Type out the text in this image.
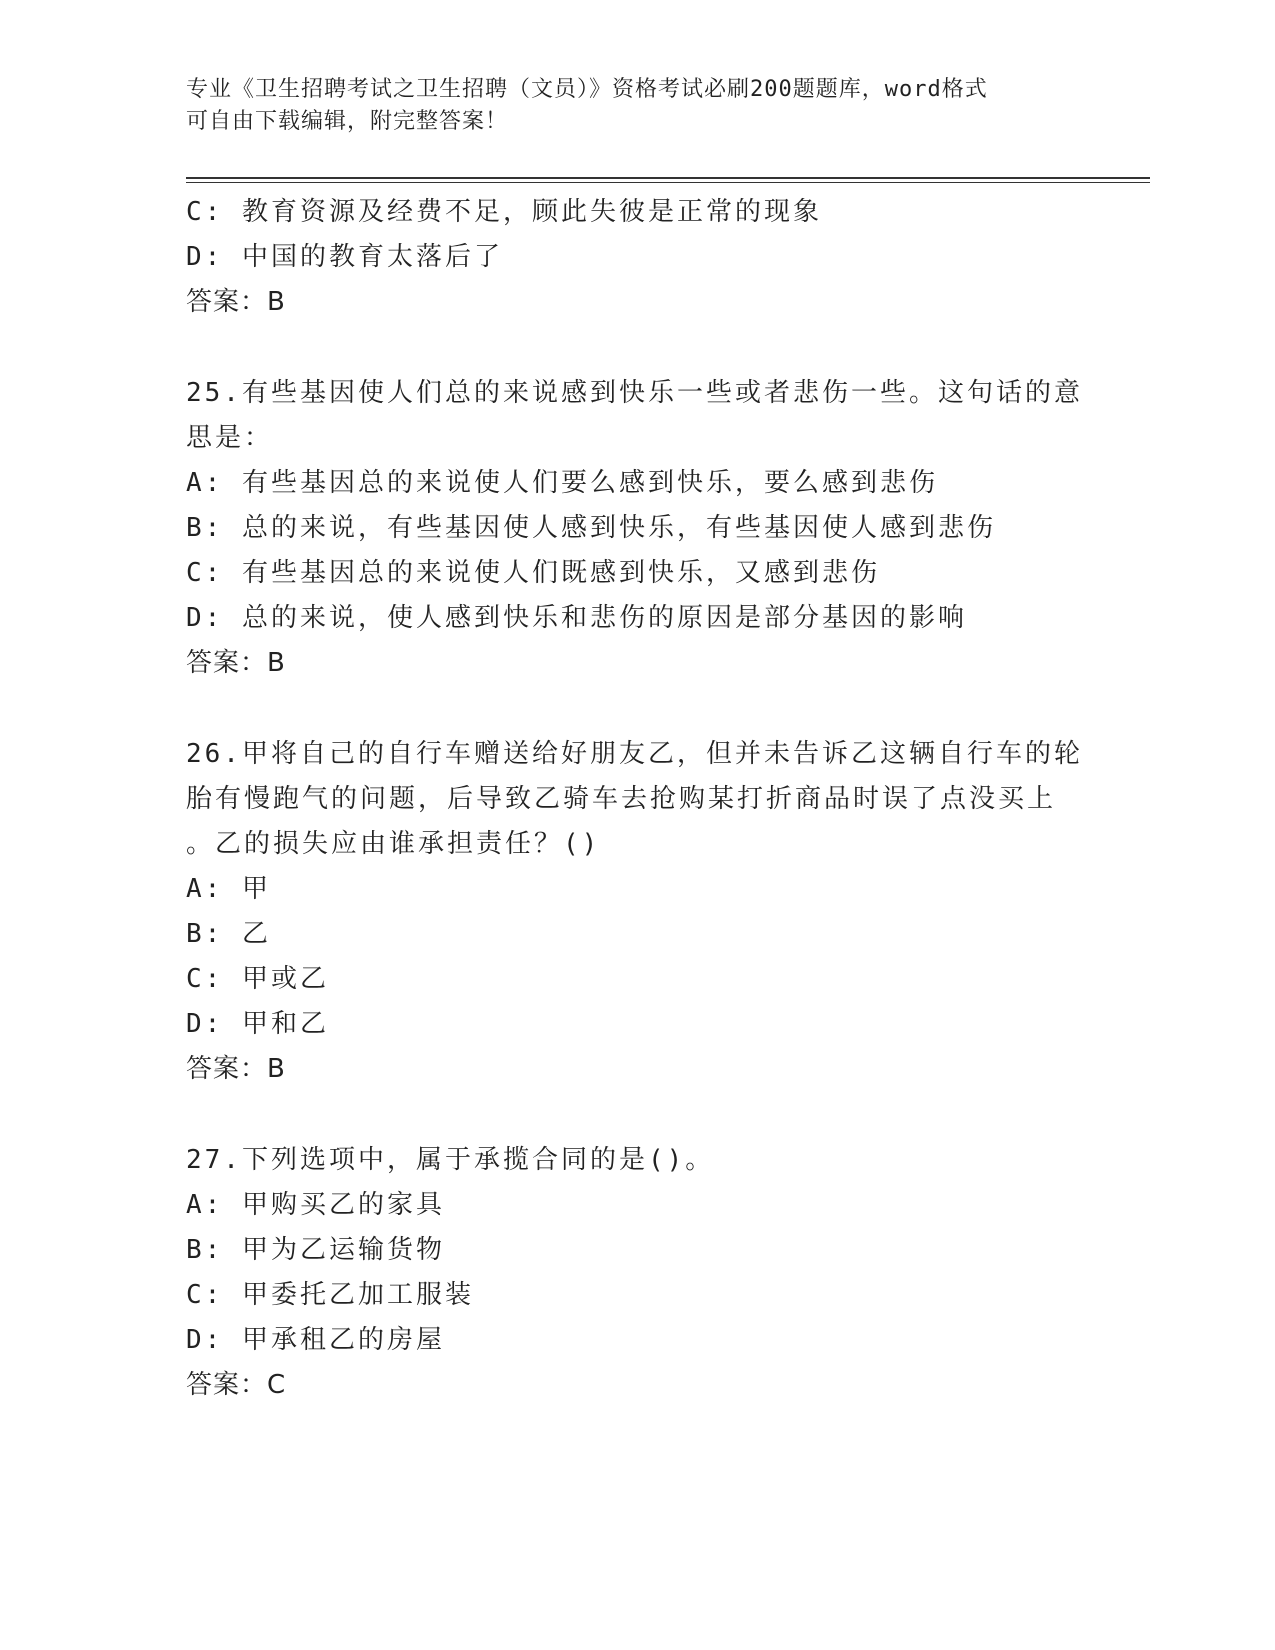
专业《卫生招聘考试之卫生招聘（文员）》资格考试必刷200题题库，word格式
可自由下载编辑，附完整答案！
C: 教育资源及经费不足，顾此失彼是正常的现象
D: 中国的教育太落后了
答案：B
25.有些基因使人们总的来说感到快乐一些或者悲伤一些。这句话的意
思是：
A: 有些基因总的来说使人们要么感到快乐，要么感到悲伤
B: 总的来说，有些基因使人感到快乐，有些基因使人感到悲伤
C: 有些基因总的来说使人们既感到快乐，又感到悲伤
D: 总的来说，使人感到快乐和悲伤的原因是部分基因的影响
答案：B
26.甲将自己的自行车赠送给好朋友乙，但并未告诉乙这辆自行车的轮
胎有慢跑气的问题，后导致乙骑车去抢购某打折商品时误了点没买上
。乙的损失应由谁承担责任？()
A: 甲
B: 乙
C: 甲或乙
D: 甲和乙
答案：B
27.下列选项中，属于承揽合同的是()。
A: 甲购买乙的家具
B: 甲为乙运输货物
C: 甲委托乙加工服装
D: 甲承租乙的房屋
答案：C
